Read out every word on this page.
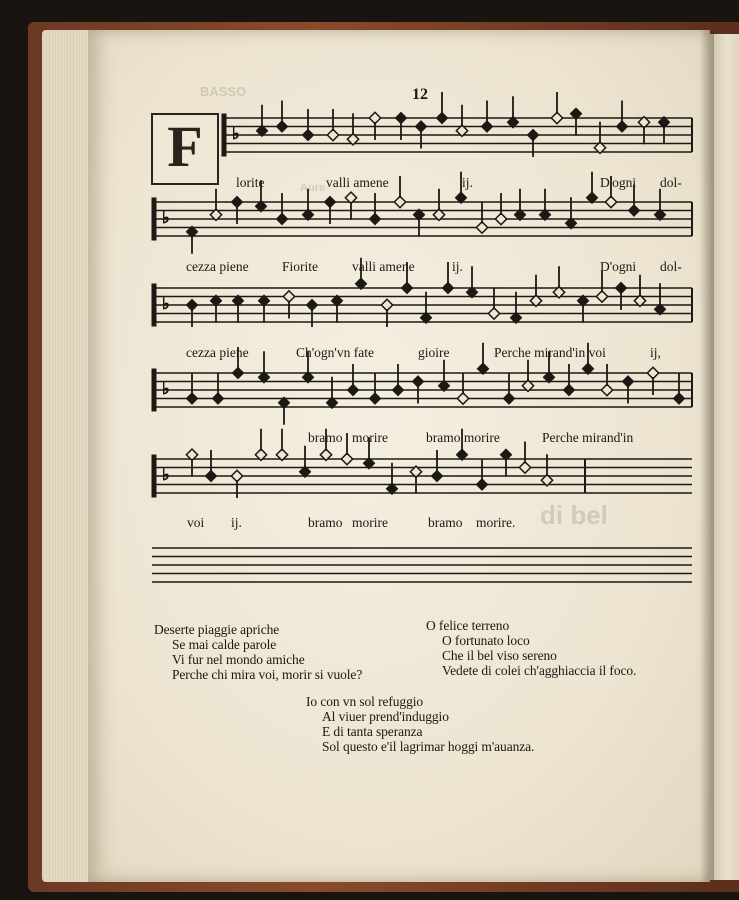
BASSO
Aure
di bel
12
F	♭
♭
♭
♭
♭
lorite	valli amene	ij.	D'ogni dol-
cezza piene Fiorite	valli amene	ij.	D'ogni dol-
cezza piene	Ch'ogn'vn fate	gioire	Perche mirand'in voi	ij,
bramo morire	bramo morire	Perche mirand'in
voi ij.	bramo morire	bramo morire.
Deserte piaggie apriche
Se mai calde parole
Vi fur nel mondo amiche
Perche chi mira voi, morir si vuole?
O felice terreno
O fortunato loco
Che il bel viso sereno
Vedete di colei ch'agghiaccia il foco.
Io con vn sol refuggio
Al viuer prend'induggio
E di tanta speranza
Sol questo e'il lagrimar hoggi m'auanza.
